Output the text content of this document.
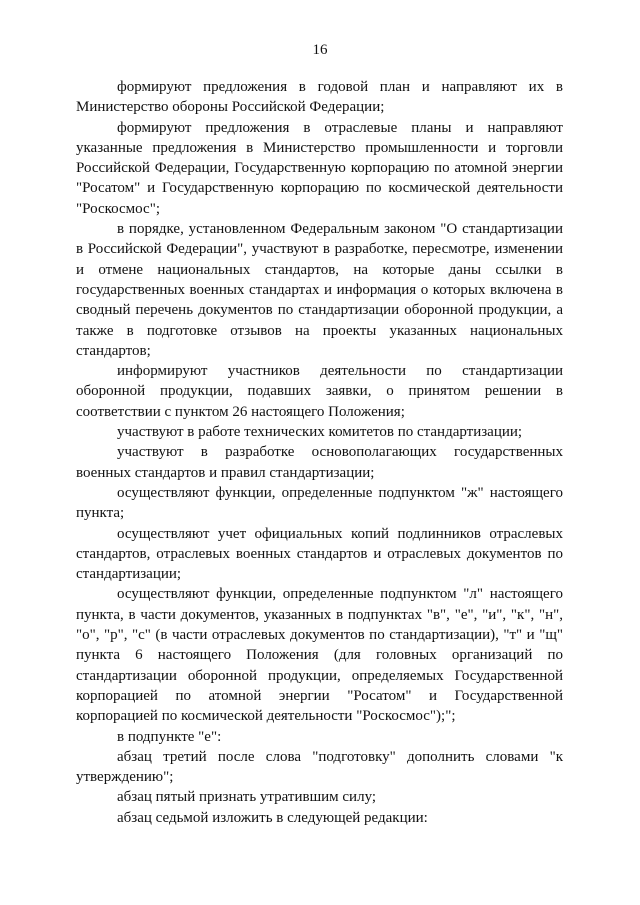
16

формируют предложения в годовой план и направляют их в Министерство обороны Российской Федерации;

формируют предложения в отраслевые планы и направляют указанные предложения в Министерство промышленности и торговли Российской Федерации, Государственную корпорацию по атомной энергии "Росатом" и Государственную корпорацию по космической деятельности "Роскосмос";

в порядке, установленном Федеральным законом "О стандартизации в Российской Федерации", участвуют в разработке, пересмотре, изменении и отмене национальных стандартов, на которые даны ссылки в государственных военных стандартах и информация о которых включена в сводный перечень документов по стандартизации оборонной продукции, а также в подготовке отзывов на проекты указанных национальных стандартов;

информируют участников деятельности по стандартизации оборонной продукции, подавших заявки, о принятом решении в соответствии с пунктом 26 настоящего Положения;

участвуют в работе технических комитетов по стандартизации;

участвуют в разработке основополагающих государственных военных стандартов и правил стандартизации;

осуществляют функции, определенные подпунктом "ж" настоящего пункта;

осуществляют учет официальных копий подлинников отраслевых стандартов, отраслевых военных стандартов и отраслевых документов по стандартизации;

осуществляют функции, определенные подпунктом "л" настоящего пункта, в части документов, указанных в подпунктах "в", "е", "и", "к", "н", "о", "р", "с" (в части отраслевых документов по стандартизации), "т" и "щ" пункта 6 настоящего Положения (для головных организаций по стандартизации оборонной продукции, определяемых Государственной корпорацией по атомной энергии "Росатом" и Государственной корпорацией по космической деятельности "Роскосмос");";

в подпункте "е":

абзац третий после слова "подготовку" дополнить словами "к утверждению";

абзац пятый признать утратившим силу;

абзац седьмой изложить в следующей редакции:
